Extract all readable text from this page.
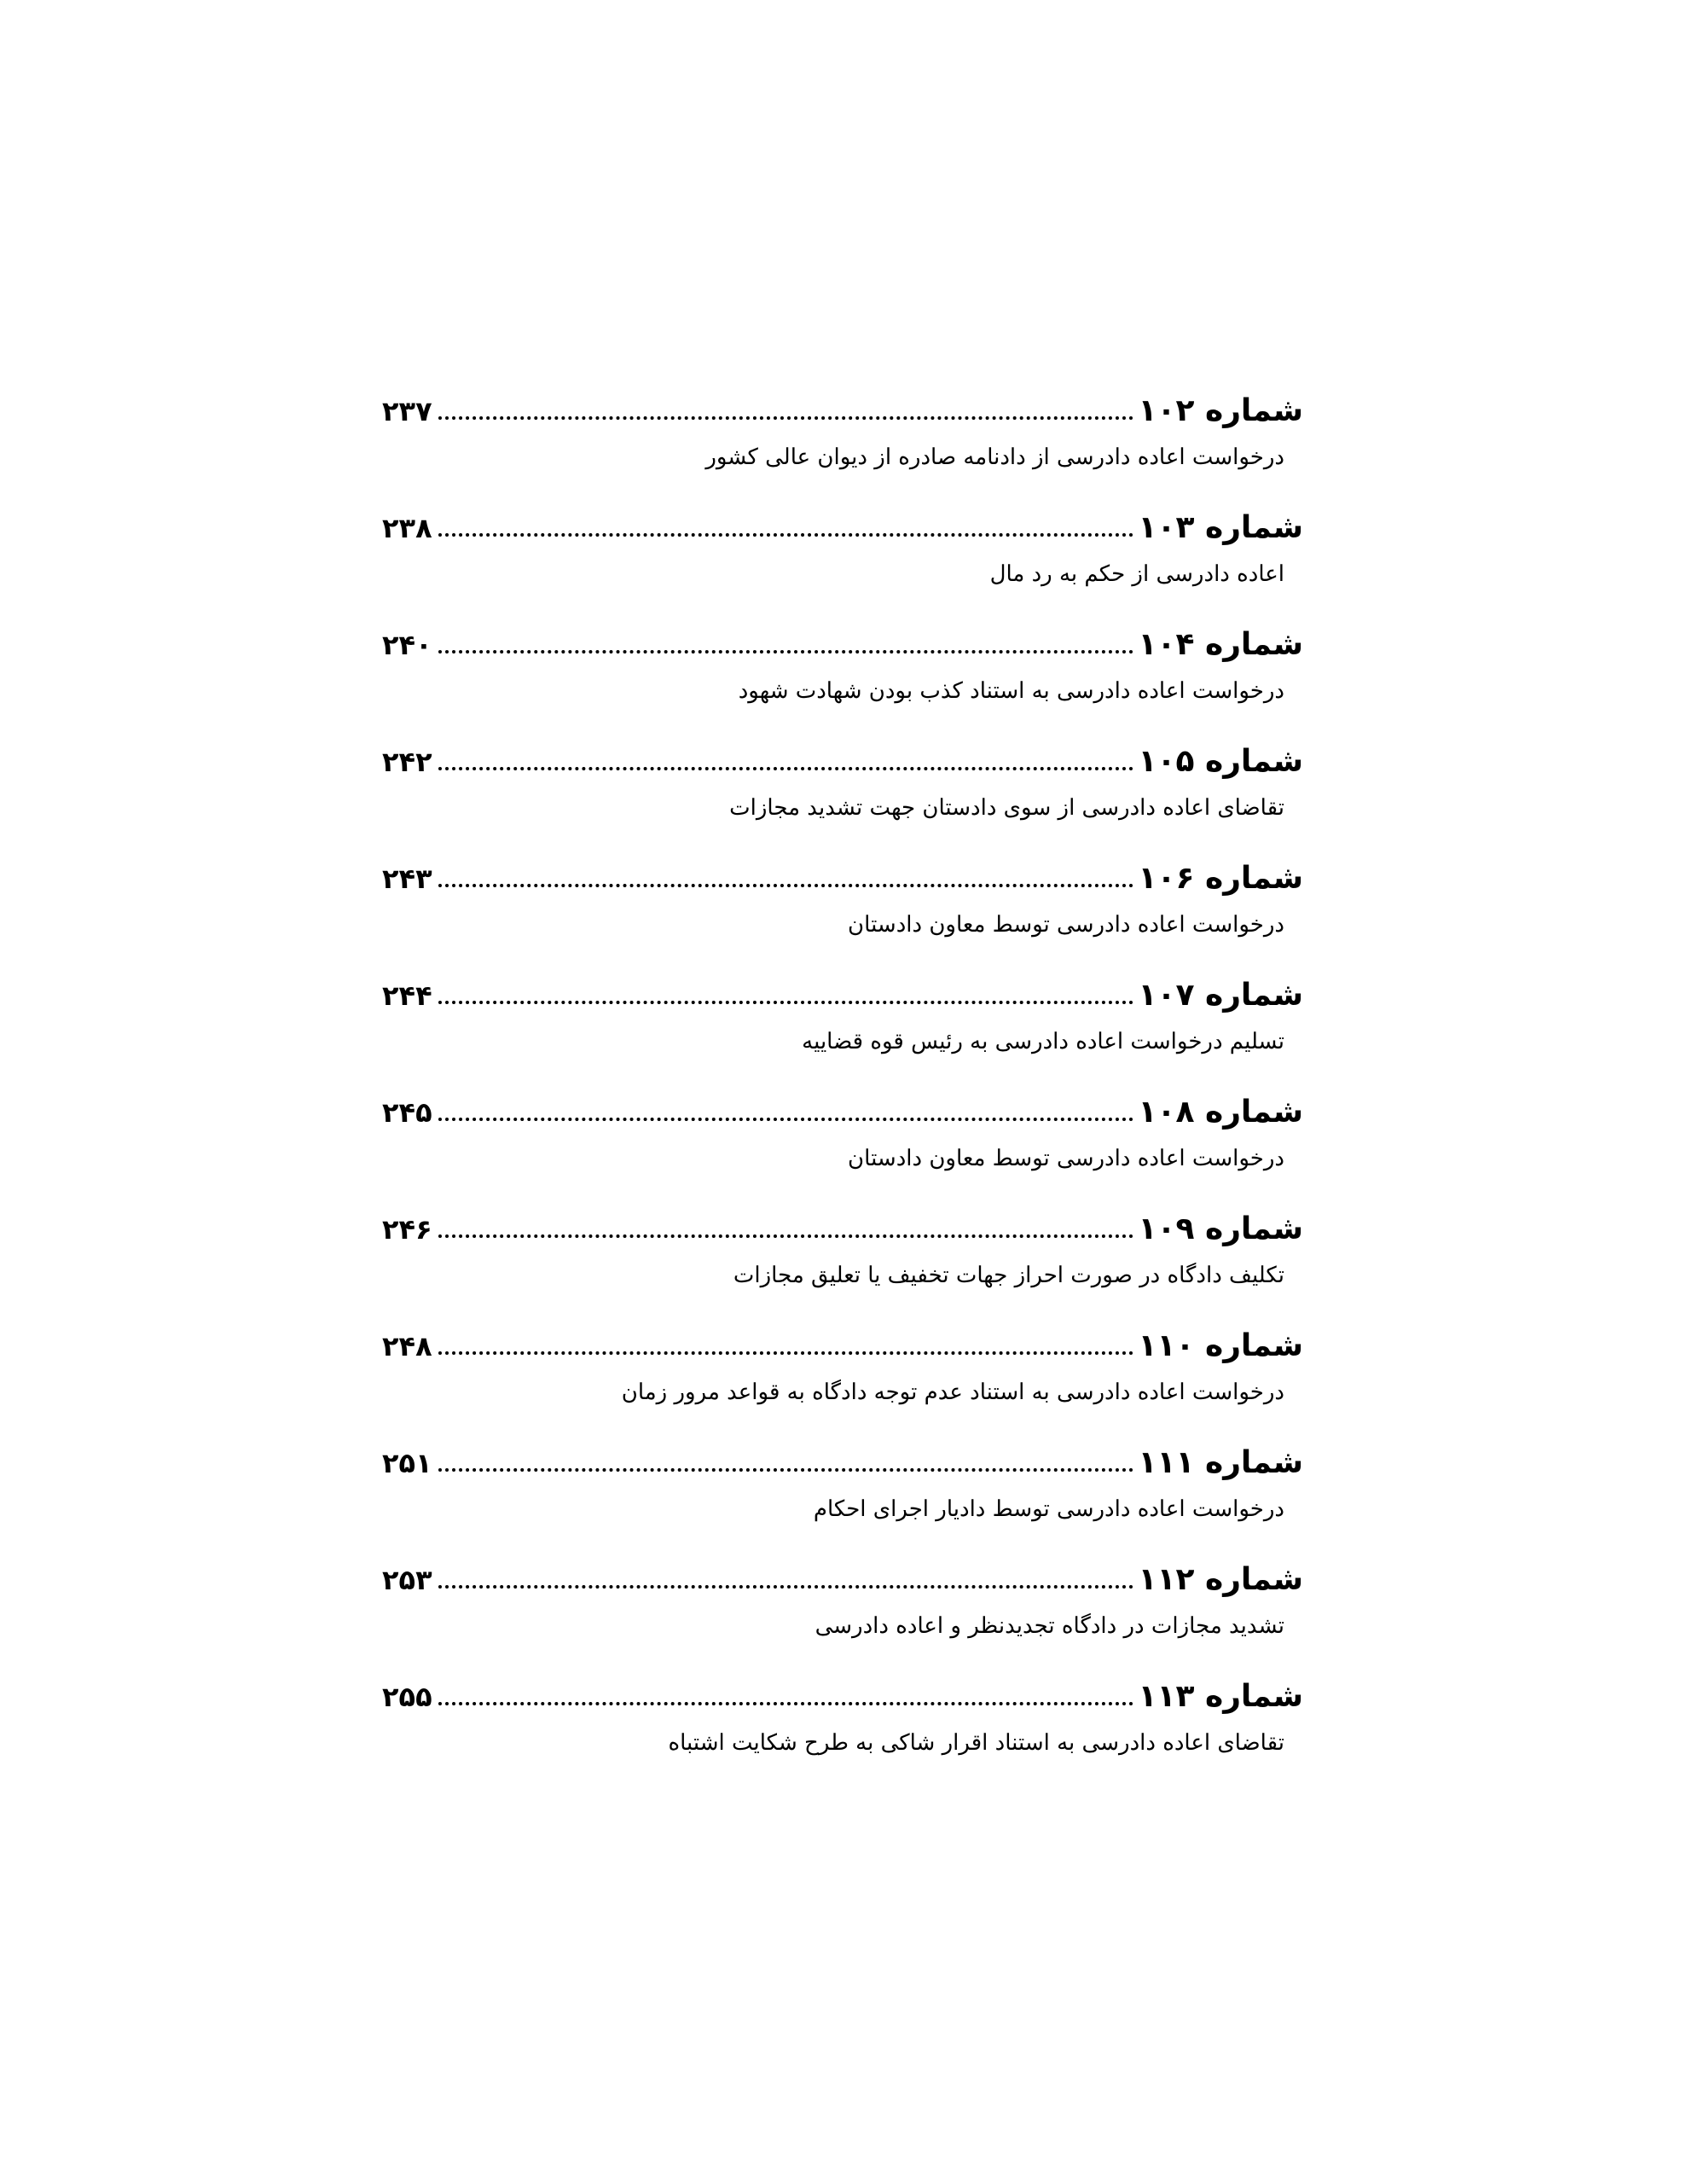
شماره ۱۰۲
۲۳۷
درخواست اعاده دادرسی از دادنامه صادره از دیوان عالی کشور
شماره ۱۰۳
۲۳۸
اعاده دادرسی از حکم به رد مال
شماره ۱۰۴
۲۴۰
درخواست اعاده دادرسی به استناد کذب بودن شهادت شهود
شماره ۱۰۵
۲۴۲
تقاضای اعاده دادرسی از سوی دادستان جهت تشدید مجازات
شماره ۱۰۶
۲۴۳
درخواست اعاده دادرسی توسط معاون دادستان
شماره ۱۰۷
۲۴۴
تسلیم درخواست اعاده دادرسی به رئیس قوه قضاییه
شماره ۱۰۸
۲۴۵
درخواست اعاده دادرسی توسط معاون دادستان
شماره ۱۰۹
۲۴۶
تکلیف دادگاه در صورت احراز جهات تخفیف یا تعلیق مجازات
شماره ۱۱۰
۲۴۸
درخواست اعاده دادرسی به استناد عدم توجه دادگاه به قواعد مرور زمان
شماره ۱۱۱
۲۵۱
درخواست اعاده دادرسی توسط دادیار اجرای احکام
شماره ۱۱۲
۲۵۳
تشدید مجازات در دادگاه تجدیدنظر و اعاده دادرسی
شماره ۱۱۳
۲۵۵
تقاضای اعاده دادرسی به استناد اقرار شاکی به طرح شکایت اشتباه
